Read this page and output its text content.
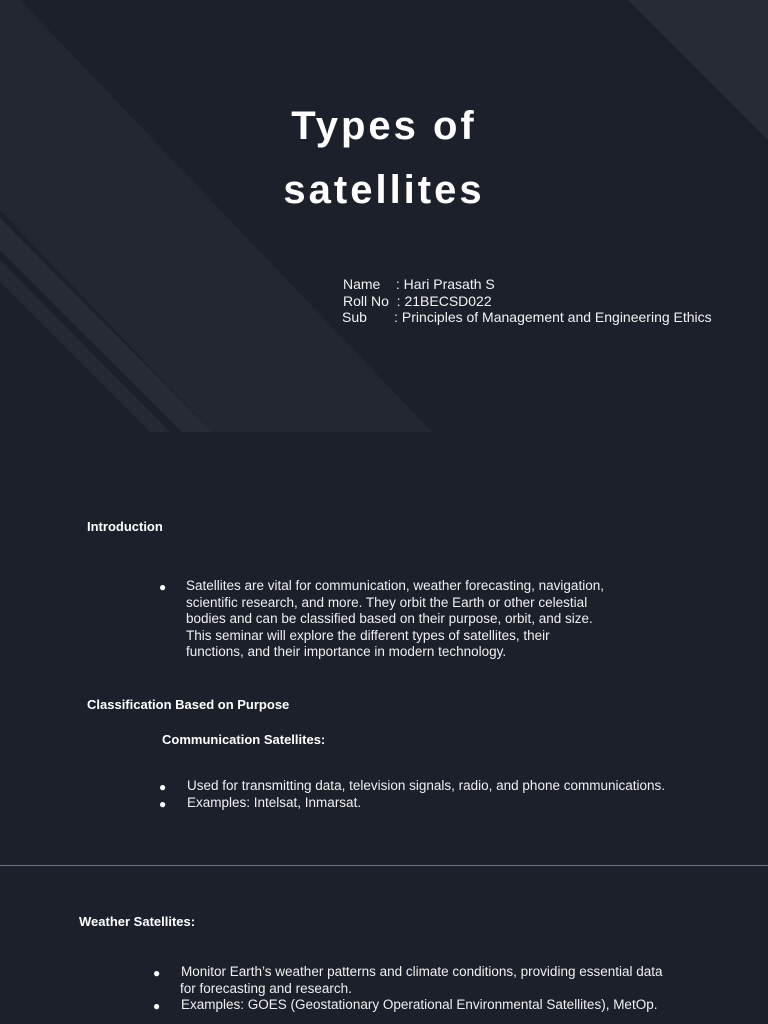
Types of
satellites
Name    : Hari Prasath S
Roll No  : 21BECSD022
Sub       : Principles of Management and Engineering Ethics
Introduction
● Satellites are vital for communication, weather forecasting, navigation,
scientific research, and more. They orbit the Earth or other celestial
bodies and can be classified based on their purpose, orbit, and size.
This seminar will explore the different types of satellites, their
functions, and their importance in modern technology.
Classification Based on Purpose
Communication Satellites:
● Used for transmitting data, television signals, radio, and phone communications.
● Examples: Intelsat, Inmarsat.
Weather Satellites:
● Monitor Earth’s weather patterns and climate conditions, providing essential data
for forecasting and research.
● Examples: GOES (Geostationary Operational Environmental Satellites), MetOp.
